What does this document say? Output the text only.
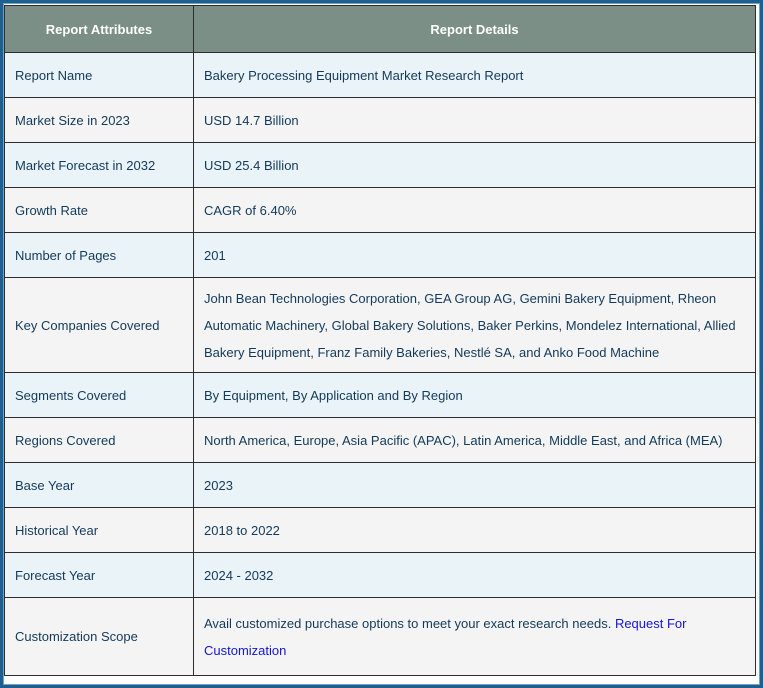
Report Attributes	Report Details
Report Name	Bakery Processing Equipment Market Research Report
Market Size in 2023	USD 14.7 Billion
Market Forecast in 2032	USD 25.4 Billion
Growth Rate	CAGR of 6.40%
Number of Pages	201
Key Companies Covered	John Bean Technologies Corporation, GEA Group AG, Gemini Bakery Equipment, Rheon Automatic Machinery, Global Bakery Solutions, Baker Perkins, Mondelez International, Allied Bakery Equipment, Franz Family Bakeries, Nestlé SA, and Anko Food Machine
Segments Covered	By Equipment, By Application and By Region
Regions Covered	North America, Europe, Asia Pacific (APAC), Latin America, Middle East, and Africa (MEA)
Base Year	2023
Historical Year	2018 to 2022
Forecast Year	2024 - 2032
Customization Scope	Avail customized purchase options to meet your exact research needs. Request For Customization
